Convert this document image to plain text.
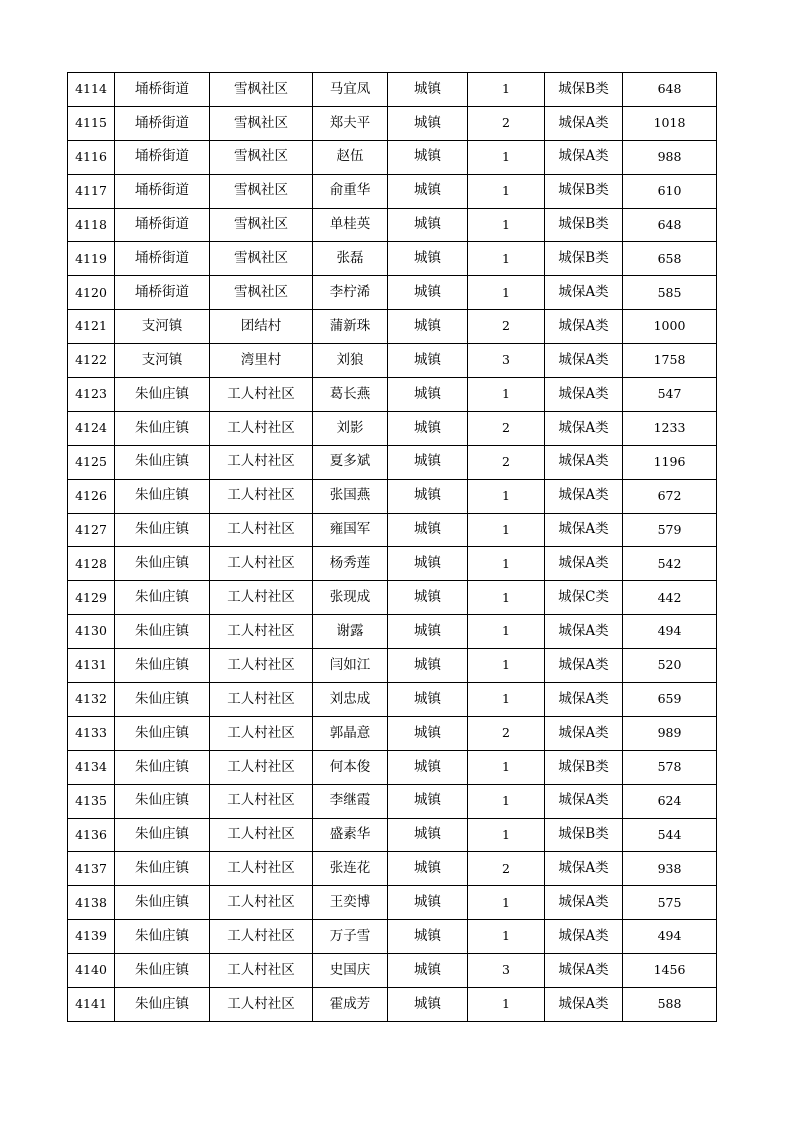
4114	埇桥街道	雪枫社区	马宜凤	城镇	1	城保B类	648
4115	埇桥街道	雪枫社区	郑夫平	城镇	2	城保A类	1018
4116	埇桥街道	雪枫社区	赵伍	城镇	1	城保A类	988
4117	埇桥街道	雪枫社区	俞重华	城镇	1	城保B类	610
4118	埇桥街道	雪枫社区	单桂英	城镇	1	城保B类	648
4119	埇桥街道	雪枫社区	张磊	城镇	1	城保B类	658
4120	埇桥街道	雪枫社区	李柠浠	城镇	1	城保A类	585
4121	支河镇	团结村	蒲新珠	城镇	2	城保A类	1000
4122	支河镇	湾里村	刘狼	城镇	3	城保A类	1758
4123	朱仙庄镇	工人村社区	葛长燕	城镇	1	城保A类	547
4124	朱仙庄镇	工人村社区	刘影	城镇	2	城保A类	1233
4125	朱仙庄镇	工人村社区	夏多斌	城镇	2	城保A类	1196
4126	朱仙庄镇	工人村社区	张国燕	城镇	1	城保A类	672
4127	朱仙庄镇	工人村社区	雍国军	城镇	1	城保A类	579
4128	朱仙庄镇	工人村社区	杨秀莲	城镇	1	城保A类	542
4129	朱仙庄镇	工人村社区	张现成	城镇	1	城保C类	442
4130	朱仙庄镇	工人村社区	谢露	城镇	1	城保A类	494
4131	朱仙庄镇	工人村社区	闫如江	城镇	1	城保A类	520
4132	朱仙庄镇	工人村社区	刘忠成	城镇	1	城保A类	659
4133	朱仙庄镇	工人村社区	郭晶意	城镇	2	城保A类	989
4134	朱仙庄镇	工人村社区	何本俊	城镇	1	城保B类	578
4135	朱仙庄镇	工人村社区	李继霞	城镇	1	城保A类	624
4136	朱仙庄镇	工人村社区	盛素华	城镇	1	城保B类	544
4137	朱仙庄镇	工人村社区	张连花	城镇	2	城保A类	938
4138	朱仙庄镇	工人村社区	王奕博	城镇	1	城保A类	575
4139	朱仙庄镇	工人村社区	万子雪	城镇	1	城保A类	494
4140	朱仙庄镇	工人村社区	史国庆	城镇	3	城保A类	1456
4141	朱仙庄镇	工人村社区	霍成芳	城镇	1	城保A类	588
